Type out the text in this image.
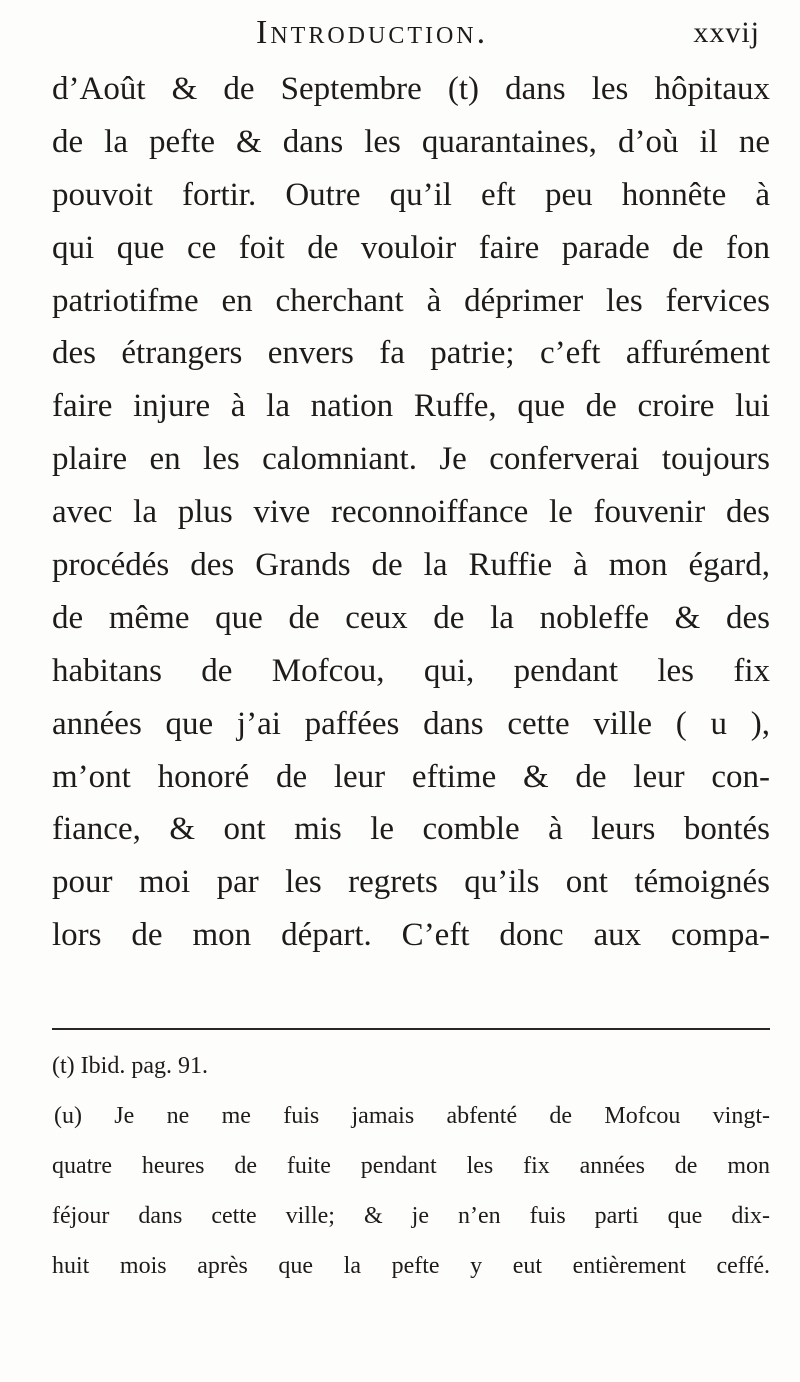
Introduction.	xxvij
d’Août & de Septembre (t) dans les hôpitaux
de la pefte & dans les quarantaines, d’où il ne
pouvoit fortir. Outre qu’il eft peu honnête à
qui que ce foit de vouloir faire parade de fon
patriotifme en cherchant à déprimer les fervices
des étrangers envers fa patrie; c’eft affurément
faire injure à la nation Ruffe, que de croire lui
plaire en les calomniant. Je conferverai toujours
avec la plus vive reconnoiffance le fouvenir des
procédés des Grands de la Ruffie à mon égard,
de même que de ceux de la nobleffe & des
habitans de Mofcou, qui, pendant les fix
années que j’ai paffées dans cette ville ( u ),
m’ont honoré de leur eftime & de leur con-
fiance, & ont mis le comble à leurs bontés
pour moi par les regrets qu’ils ont témoignés
lors de mon départ. C’eft donc aux compa-
(t) Ibid. pag. 91.
(u) Je ne me fuis jamais abfenté de Mofcou vingt-
quatre heures de fuite pendant les fix années de mon
féjour dans cette ville; & je n’en fuis parti que dix-
huit mois après que la pefte y eut entièrement ceffé.
